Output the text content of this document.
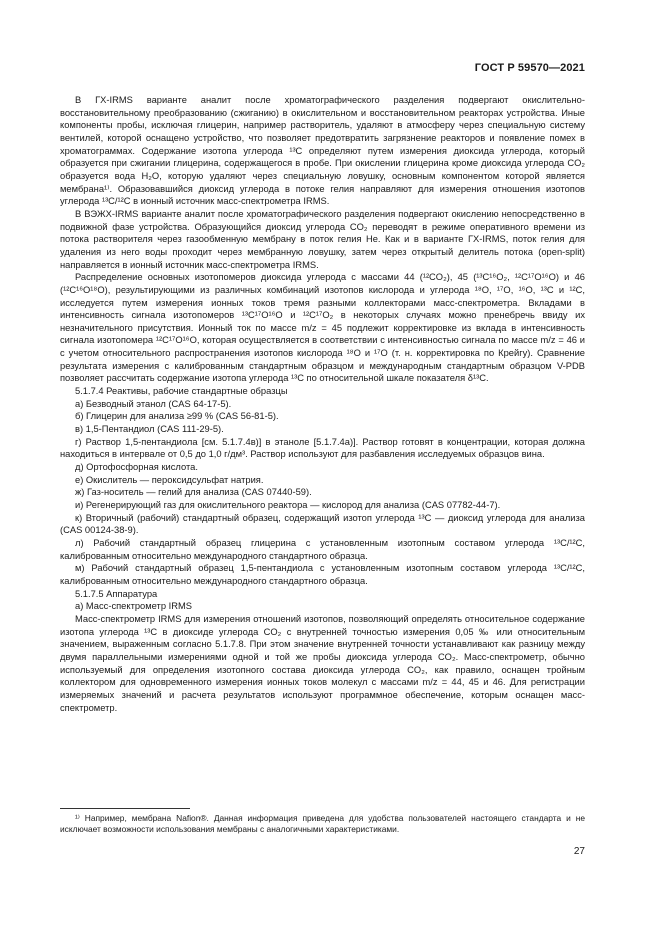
ГОСТ Р 59570—2021

В ГХ-IRMS варианте аналит после хроматографического разделения подвергают окислительно-восстановительному преобразованию (сжиганию) в окислительном и восстановительном реакторах устройства. Иные компоненты пробы, исключая глицерин, например растворитель, удаляют в атмосферу через специальную систему вентилей, которой оснащено устройство, что позволяет предотвратить загрязнение реакторов и появление помех в хроматограммах. Содержание изотопа углерода ¹³С определяют путем измерения диоксида углерода, который образуется при сжигании глицерина, содержащегося в пробе. При окислении глицерина кроме диоксида углерода CO₂ образуется вода H₂O, которую удаляют через специальную ловушку, основным компонентом которой является мембрана¹⁾. Образовавшийся диоксид углерода в потоке гелия направляют для измерения отношения изотопов углерода ¹³C/¹²C в ионный источник масс-спектрометра IRMS.

В ВЭЖХ-IRMS варианте аналит после хроматографического разделения подвергают окислению непосредственно в подвижной фазе устройства. Образующийся диоксид углерода CO₂ переводят в режиме оперативного времени из потока растворителя через газообменную мембрану в поток гелия He. Как и в варианте ГХ-IRMS, поток гелия для удаления из него воды проходит через мембранную ловушку, затем через открытый делитель потока (open-split) направляется в ионный источник масс-спектрометра IRMS.

Распределение основных изотопомеров диоксида углерода с массами 44 (¹²CO₂), 45 (¹³C¹⁶O₂, ¹²C¹⁷O¹⁶O) и 46 (¹²C¹⁶O¹⁸O), результирующими из различных комбинаций изотопов кислорода и углерода ¹⁸O, ¹⁷O, ¹⁶O, ¹³C и ¹²C, исследуется путем измерения ионных токов тремя разными коллекторами масс-спектрометра. Вкладами в интенсивность сигнала изотопомеров ¹³C¹⁷O¹⁶O и ¹²C¹⁷O₂ в некоторых случаях можно пренебречь ввиду их незначительного присутствия. Ионный ток по массе m/z = 45 подлежит корректировке из вклада в интенсивность сигнала изотопомера ¹²C¹⁷O¹⁶O, которая осуществляется в соответствии с интенсивностью сигнала по массе m/z = 46 и с учетом относительного распространения изотопов кислорода ¹⁸O и ¹⁷O (т. н. корректировка по Крейгу). Сравнение результата измерения с калиброванным стандартным образцом и международным стандартным образцом V-PDB позволяет рассчитать содержание изотопа углерода ¹³C по относительной шкале показателя δ¹³C.

5.1.7.4 Реактивы, рабочие стандартные образцы

а) Безводный этанол (CAS 64-17-5).

б) Глицерин для анализа ≥99 % (CAS 56-81-5).

в) 1,5-Пентандиол (CAS 111-29-5).

г) Раствор 1,5-пентандиола [см. 5.1.7.4в)] в этаноле [5.1.7.4а)]. Раствор готовят в концентрации, которая должна находиться в интервале от 0,5 до 1,0 г/дм³. Раствор используют для разбавления исследуемых образцов вина.

д) Ортофосфорная кислота.

е) Окислитель — пероксидсульфат натрия.

ж) Газ-носитель — гелий для анализа (CAS 07440-59).

и) Регенерирующий газ для окислительного реактора — кислород для анализа (CAS 07782-44-7).

к) Вторичный (рабочий) стандартный образец, содержащий изотоп углерода ¹³C — диоксид углерода для анализа (CAS 00124-38-9).

л) Рабочий стандартный образец глицерина с установленным изотопным составом углерода ¹³C/¹²C, калиброванным относительно международного стандартного образца.

м) Рабочий стандартный образец 1,5-пентандиола с установленным изотопным составом углерода ¹³C/¹²C, калиброванным относительно международного стандартного образца.

5.1.7.5 Аппаратура

а) Масс-спектрометр IRMS

Масс-спектрометр IRMS для измерения отношений изотопов, позволяющий определять относительное содержание изотопа углерода ¹³C в диоксиде углерода CO₂ с внутренней точностью измерения 0,05 ‰ или относительным значением, выраженным согласно 5.1.7.8. При этом значение внутренней точности устанавливают как разницу между двумя параллельными измерениями одной и той же пробы диоксида углерода CO₂. Масс-спектрометр, обычно используемый для определения изотопного состава диоксида углерода CO₂, как правило, оснащен тройным коллектором для одновременного измерения ионных токов молекул с массами m/z = 44, 45 и 46. Для регистрации измеряемых значений и расчета результатов используют программное обеспечение, которым оснащен масс-спектрометр.

¹⁾ Например, мембрана Nafion®. Данная информация приведена для удобства пользователей настоящего стандарта и не исключает возможности использования мембраны с аналогичными характеристиками.
27
